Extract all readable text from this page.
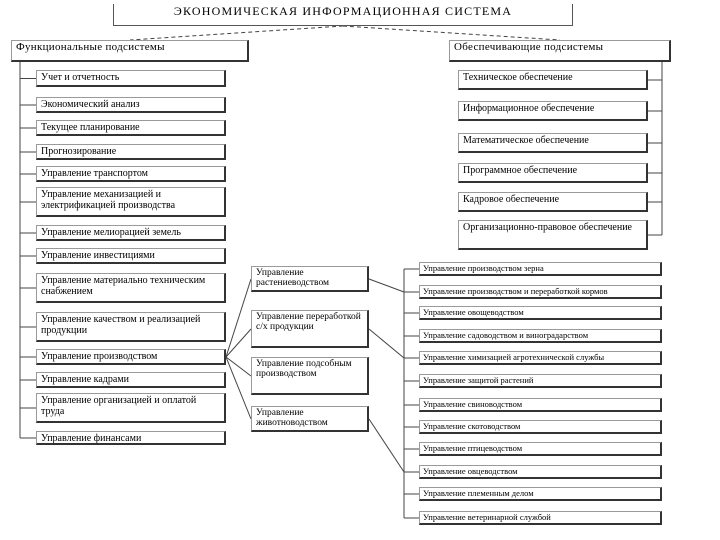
ЭКОНОМИЧЕСКАЯ ИНФОРМАЦИОННАЯ СИСТЕМА
Функциональные подсистемы	Обеспечивающие подсистемы
Учет и отчетность
Экономический анализ
Текущее планирование
Прогнозирование
Управление транспортом
Управление механизацией и электрификацией производства
Управление мелиорацией земель
Управление инвестициями
Управление материально техническим снабжением
Управление качеством и реализацией продукции
Управление производством
Управление кадрами
Управление организацией и оплатой труда
Управление финансами
Техническое обеспечение
Информационное обеспечение
Математическое обеспечение
Программное обеспечение
Кадровое обеспечение
Организационно-правовое обеспечение
Управление растениеводством
Управление переработкой с/х продукции
Управление подсобным производством
Управление животноводством
Управление производством зерна
Управление производством и переработкой кормов
Управление овощеводством
Управление садоводством и виноградарством
Управление химизацией агротехнической службы
Управление защитой растений
Управление свиноводством
Управление скотоводством
Управление птицеводством
Управление овцеводством
Управление племенным делом
Управление ветеринарной службой
